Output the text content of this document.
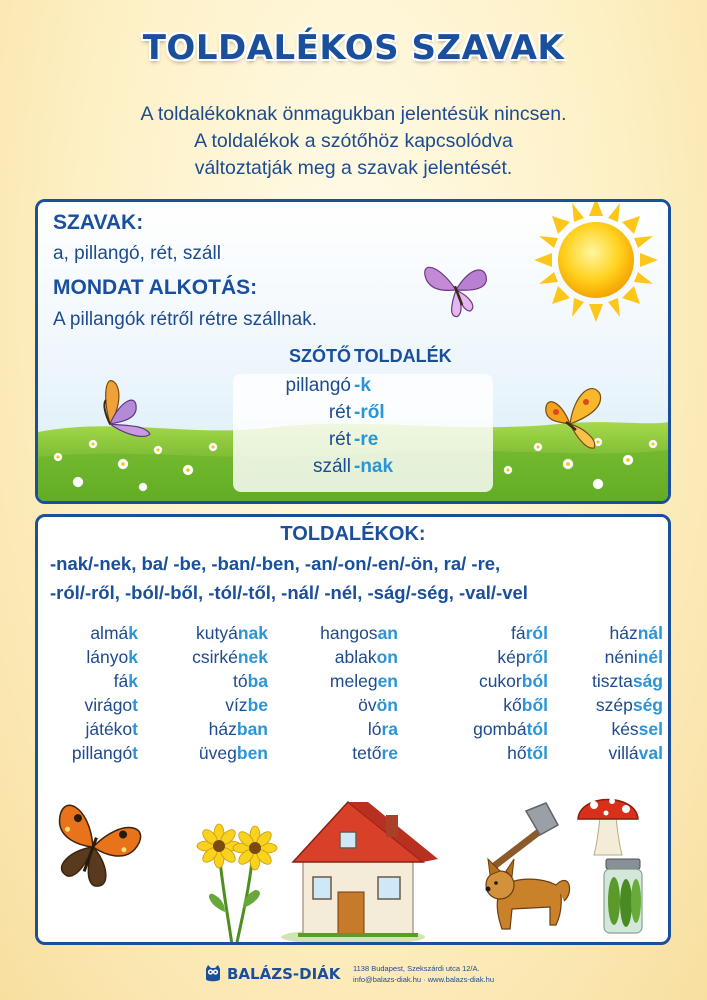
TOLDALÉKOS SZAVAK
A toldalékoknak önmagukban jelentésük nincsen.
A toldalékok a szótőhöz kapcsolódva
változtatják meg a szavak jelentését.
SZAVAK:
a, pillangó, rét, száll
MONDAT ALKOTÁS:
A pillangók rétről rétre szállnak.
SZÓTŐ TOLDALÉK
pillangó -k
rét -ről
rét -re
száll -nak
TOLDALÉKOK:
-nak/-nek, ba/ -be, -ban/-ben, -an/-on/-en/-ön, ra/ -re,
-ról/-ről, -ból/-ből, -tól/-től, -nál/ -nél, -ság/-ség, -val/-vel
almák
lányok
fák
virágot
játékot
pillangót
kutyának
csirkének
tóba
vízbe
házban
üvegben
hangosan
ablakon
melegen
övön
lóra
tetőre
fáról
képről
cukorból
kőből
gombától
hőtől
háznál
néninél
tisztaság
szépség
késsel
villával
BALÁZS-DIÁK 1138 Budapest, Szekszárdi utca 12/A.
info@balazs-diak.hu · www.balazs-diak.hu
